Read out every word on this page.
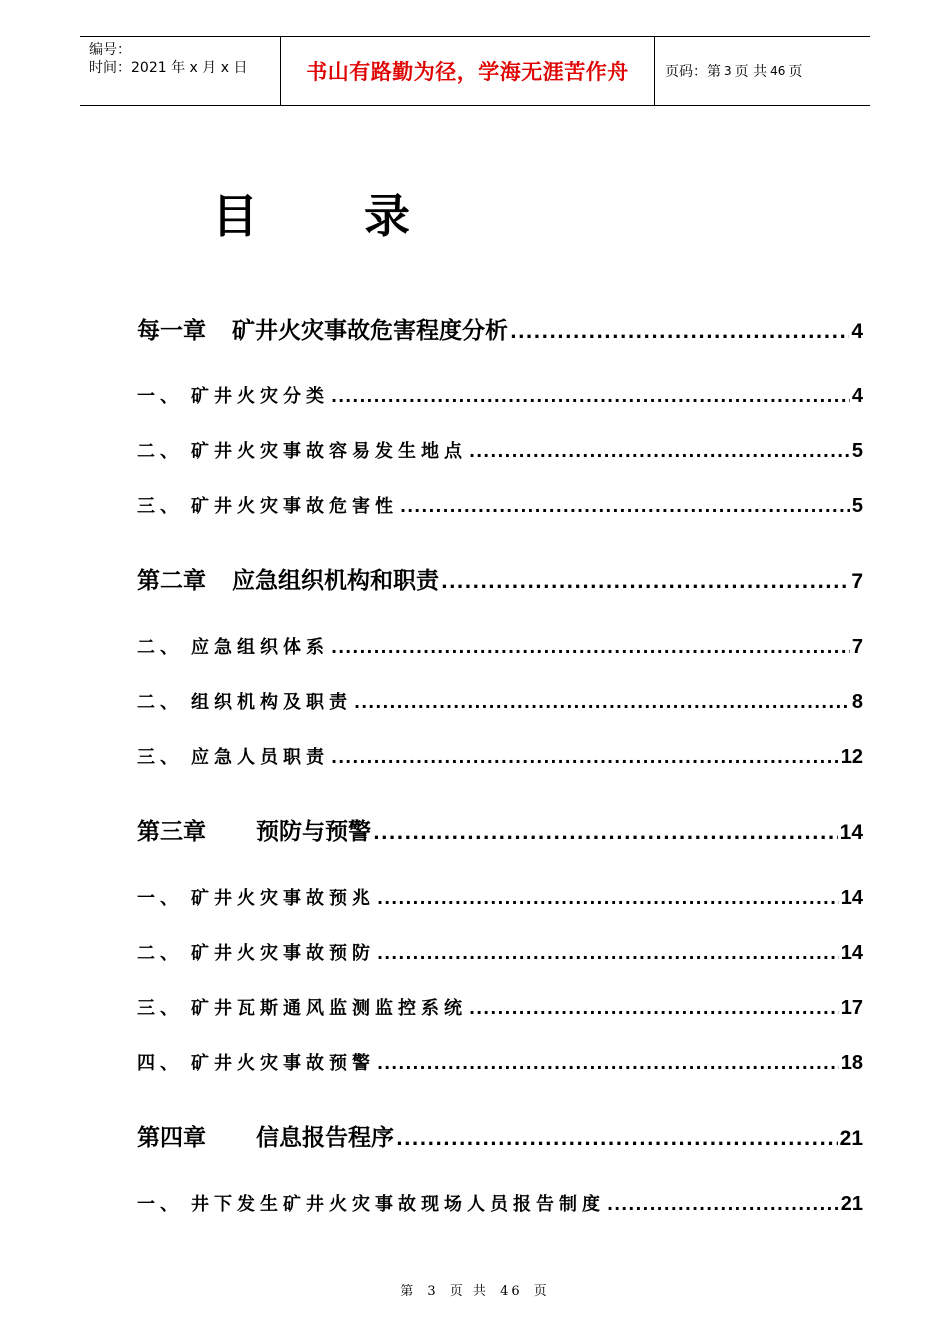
编号：
时间：2021 年 x 月 x 日	书山有路勤为径，学海无涯苦作舟	页码：第 3 页 共 46 页
目 录
每一章 矿井火灾事故危害程度分析 .....	4
一、 矿井火灾分类 .....	4
二、 矿井火灾事故容易发生地点 .....	5
三、 矿井火灾事故危害性 .....	5
第二章 应急组织机构和职责 .....	7
二、 应急组织体系 .....	7
二、 组织机构及职责 .....	8
三、 应急人员职责 .....	12
第三章 预防与预警 .....	14
一、 矿井火灾事故预兆 .....	14
二、 矿井火灾事故预防 .....	14
三、 矿井瓦斯通风监测监控系统 .....	17
四、 矿井火灾事故预警 .....	18
第四章 信息报告程序 .....	21
一、 井下发生矿井火灾事故现场人员报告制度 .....	21
第 3 页 共 46 页
